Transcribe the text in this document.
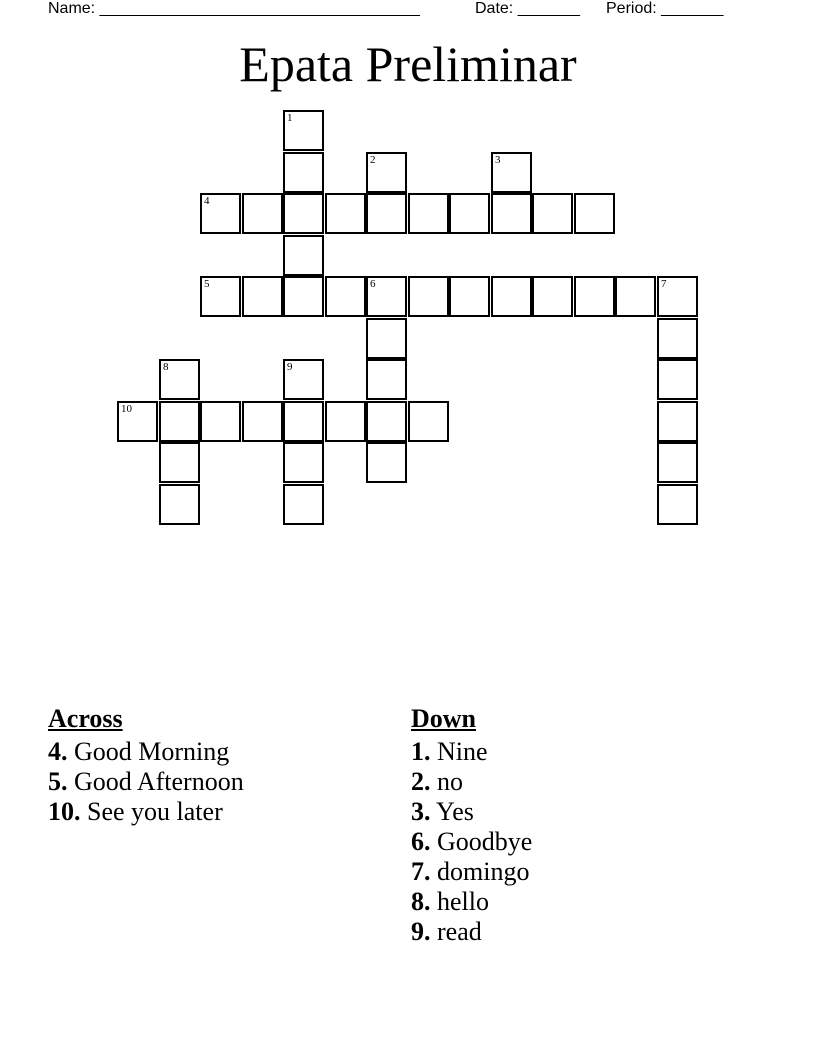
Name: ____________________________________	Date: _______ Period: _______
Epata Preliminar
1
2	3
4
5	6	7
8	9
10
Across
4. Good Morning
5. Good Afternoon
10. See you later
Down
1. Nine
2. no
3. Yes
6. Goodbye
7. domingo
8. hello
9. read
